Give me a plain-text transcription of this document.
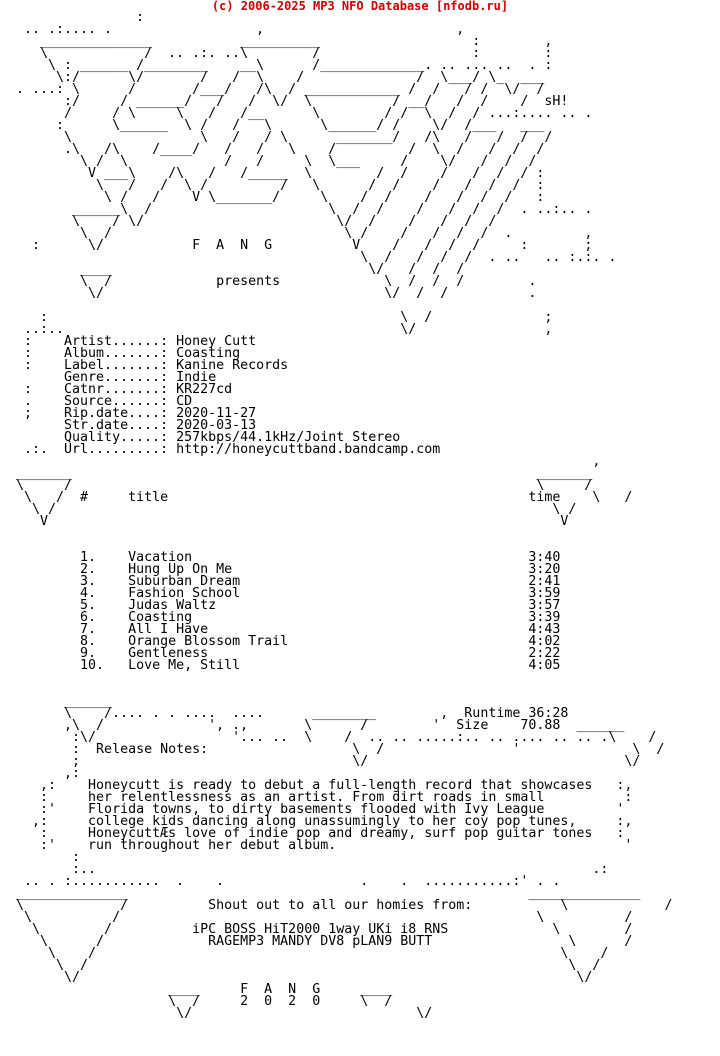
(c) 2006-2025 MP3 NFO Database [nfodb.ru]
:
.. .:.... .                  ,                        ,
______________           __________                   :        ,
\            /  .. .:. ..\        /                   :        :
\ : ______ /________    __\      /_____________. .. ... ..  . :
\:/      \/       /   /  \    /              /  \___/ \_  ___
. ...: \      /       /___/   /\  / ____________ /  /   / /  \/  /
:/     / ______/   /   /  \/  \          / __/   /  /    /  sH!
/     / \     \   /   /__      \        / /  \  /  / ...:.... .. .
:      \______  \ /   /   \      \______/ /    \/  /___   ___
\                \   /   / \      _______/   /\   /   /  /  /
.\   /\    /____/   /   /   \    /         /  \  /   /  /  /
\ /  \            /   /     \  \___     /    \/   /  /  /
V ___\    /\   /   /_____  \        /  /    /   /  /  / :
\   /   /  \ /         /   \      /  /    /   /  /  /  :
\ /   /    V \_______/     \    /  /    /   /  /  /   :
______\  /                      \  /  /    /   /  /  /  . ..:.. .
\    / \/                        \/  /    /   /  /  /
\  /                             \ /    /   /  /  /  .         ,
:      \/           F  A  N  G          V    /   /  /  /     :       ;
\  /   /  /  /  . ..   .. :.:. .
____                                \/   /  /  /
\  /             presents             \  /  /  /        .
\/                                   \/  /  /          .

:                                            \  /              ;
..:..                                          \/                ,
:    Artist......: Honey Cutt
:    Album.......: Coasting
:    Label.......: Kanine Records
Genre.......: Indie
:    Catnr.......: KR227cd
.    Source......: CD
;    Rip.date....: 2020-11-27
Str.date....: 2020-03-13
Quality.....: 257kbps/44.1kHz/Joint Stereo
.:.  Url.........: http://honeycuttband.bandcamp.com
,
_______                                                          _______
\     /                                                          \     /
\   /  #     title                                             time    \   /
\ /                                                              \ /
V                                                                V

1.    Vacation                                          3:40
2.    Hung Up On Me                                     3:20
3.    Suburban Dream                                    2:41
4.    Fashion School                                    3:59
5.    Judas Waltz                                       3:57
6.    Coasting                                          3:39
7.    All I Have                                        4:43
8.    Orange Blossom Trail                              4:02
9.    Gentleness                                        2:22
10.   Love Me, Still                                    4:05

______
\    /.... . . ....  ....      ________        ,  Runtime 36:28
,\  /             ', .,       \      /        '  Size    70.88  ______
:\/                 '... ..  \    /  .. .. .....:.. .. .... .. .. .\    /
:  Release Notes:                  \  /                '              \  /
;                                  \/                                \/
,:
,:    Honeycutt is ready to debut a full-length record that showcases   :,
:     her relentlessness as an artist. From dirt roads in small          :
:'    Florida towns, to dirty basements flooded with Ivy League         '
,:     college kids dancing along unassumingly to her coy pop tunes,     :,
:     HoneycuttÆs love of indie pop and dreamy, surf pop guitar tones   :
:'    run throughout her debut album.                                    '
:
:..                                                              .:
.. . :...........  .    .                 .    .  ...........:' . .
______________                                                  ______________
\            /          Shout out to all our homies from:           \            /
\          /                                                    \          /
\        /          iPC BOSS HiT2000 1way UKi i8 RNS             \        /
\      /             RAGEMP3 MANDY DV8 pLAN9 BUTT                 \      /
\    /                                                          \    /
\  /                                                            \  /
\/                                                              \/
____     F  A  N  G     ____
\  /     2  0  2  0     \  /
\/                            \/
